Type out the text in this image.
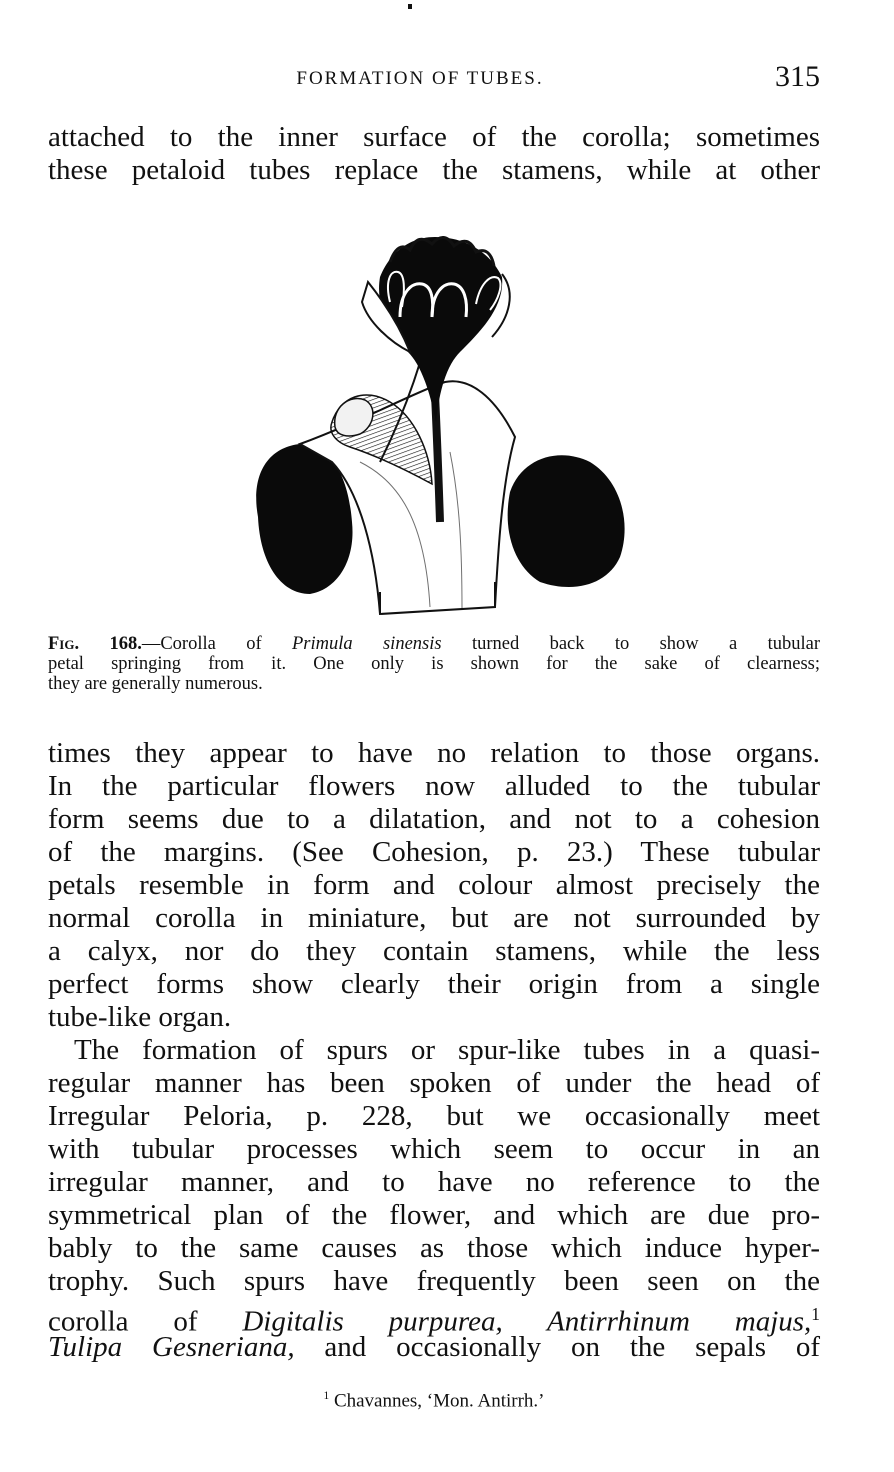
FORMATION OF TUBES.	315
attached to the inner surface of the corolla; sometimes
these petaloid tubes replace the stamens, while at other
Fig. 168.—Corolla of Primula sinensis turned back to show a tubular
petal springing from it. One only is shown for the sake of clearness;
they are generally numerous.
times they appear to have no relation to those organs.
In the particular flowers now alluded to the tubular
form seems due to a dilatation, and not to a cohesion
of the margins. (See Cohesion, p. 23.) These tubular
petals resemble in form and colour almost precisely the
normal corolla in miniature, but are not surrounded by
a calyx, nor do they contain stamens, while the less
perfect forms show clearly their origin from a single
tube-like organ.
The formation of spurs or spur-like tubes in a quasi-
regular manner has been spoken of under the head of
Irregular Peloria, p. 228, but we occasionally meet
with tubular processes which seem to occur in an
irregular manner, and to have no reference to the
symmetrical plan of the flower, and which are due pro-
bably to the same causes as those which induce hyper-
trophy. Such spurs have frequently been seen on the
corolla of Digitalis purpurea, Antirrhinum majus,$^1$
Tulipa Gesneriana, and occasionally on the sepals of
$^1$ Chavannes, ‘Mon. Antirrh.’
